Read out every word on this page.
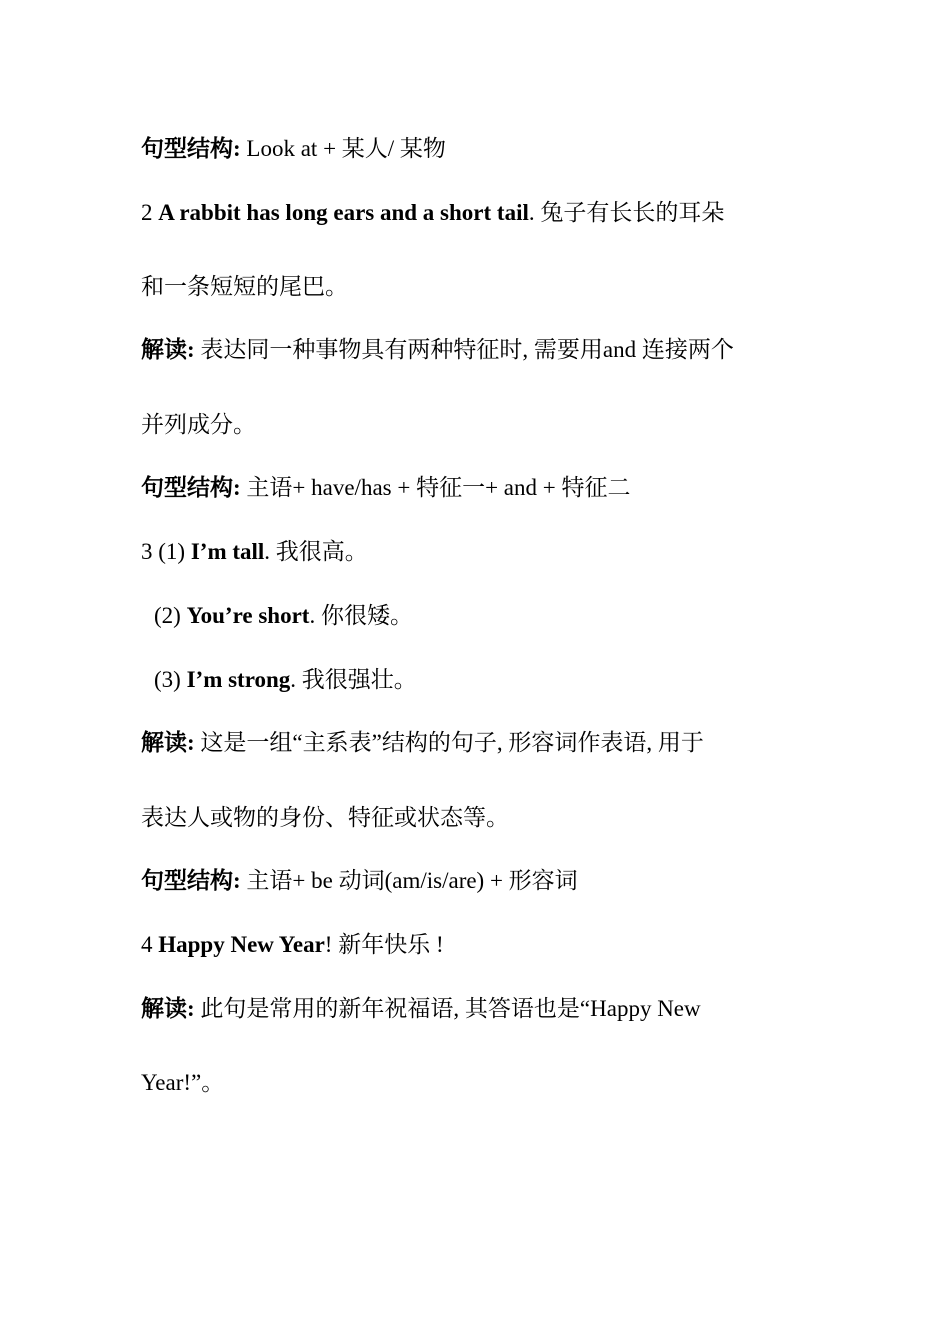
句型结构: Look at + 某人/ 某物
2 A rabbit has long ears and a short tail. 兔子有长长的耳朵
和一条短短的尾巴。
解读: 表达同一种事物具有两种特征时, 需要用and 连接两个
并列成分。
句型结构: 主语+ have/has + 特征一+ and + 特征二
3 (1) I’m tall. 我很高。
(2) You’re short. 你很矮。
(3) I’m strong. 我很强壮。
解读: 这是一组“主系表”结构的句子, 形容词作表语, 用于
表达人或物的身份、特征或状态等。
句型结构: 主语+ be 动词(am/is/are) + 形容词
4 Happy New Year! 新年快乐 !
解读: 此句是常用的新年祝福语, 其答语也是“Happy New
Year!”。
